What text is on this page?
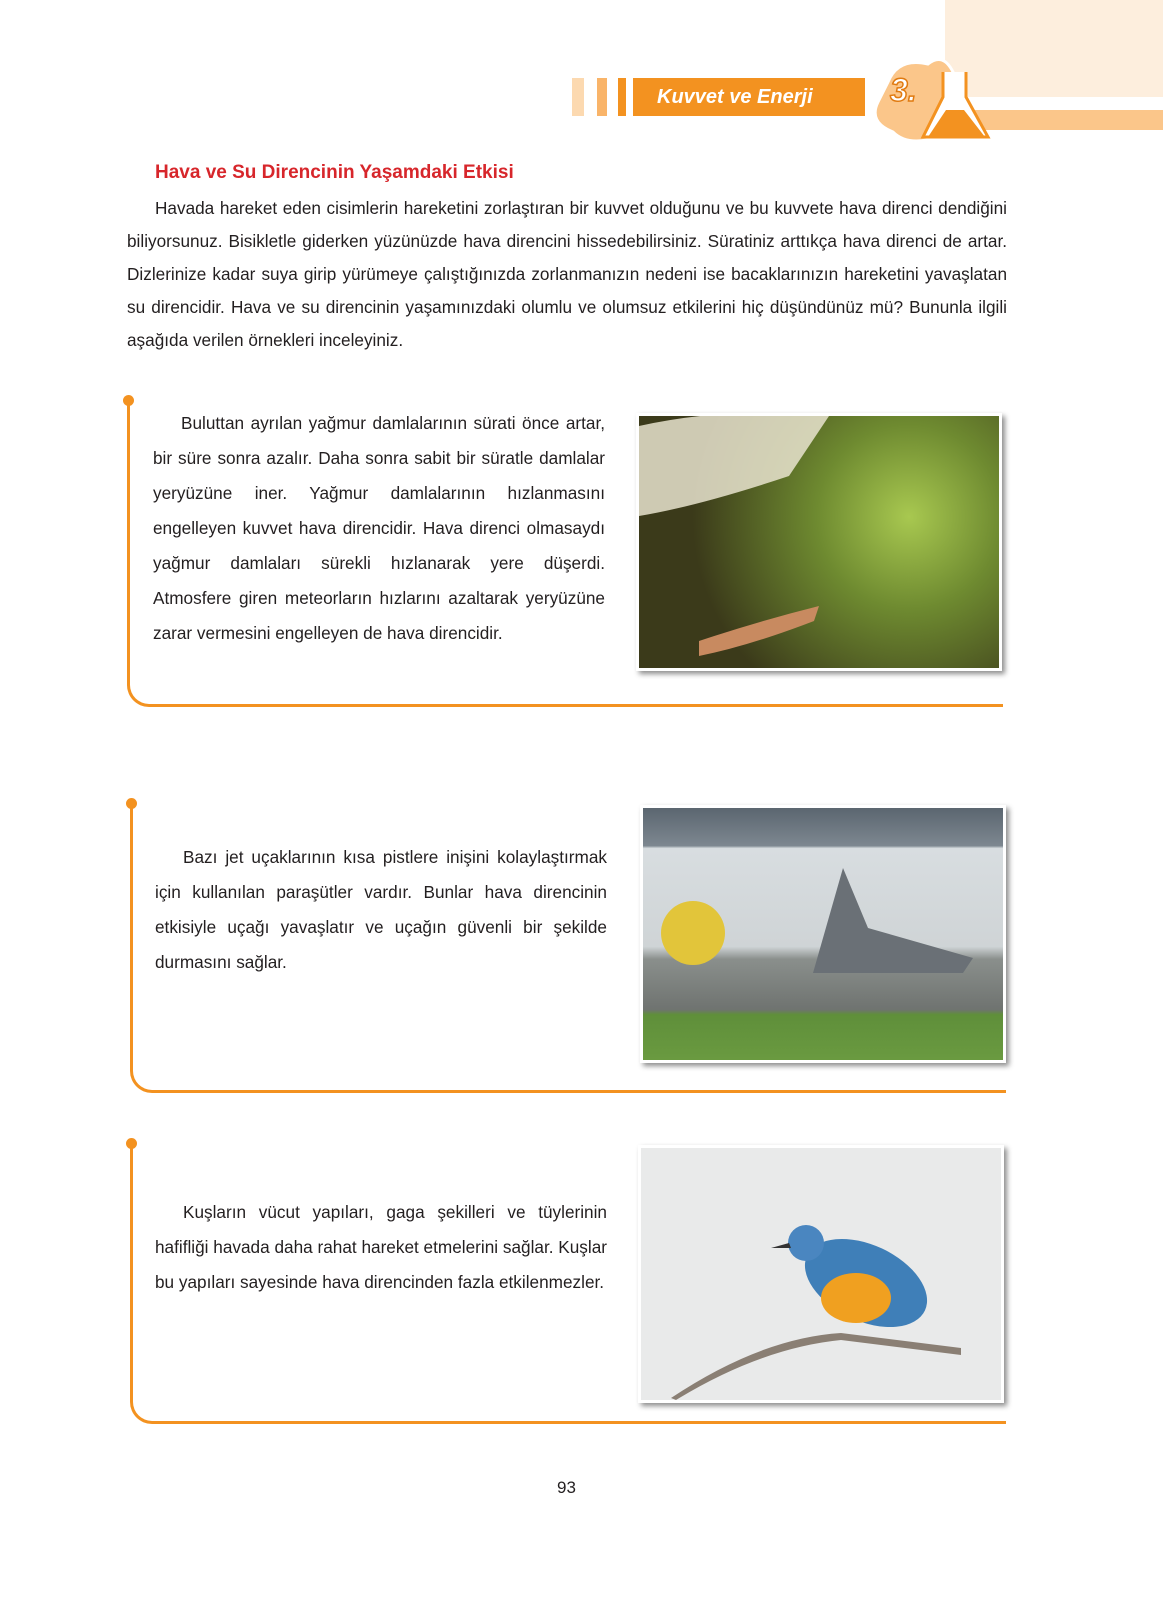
Kuvvet ve Enerji	3.
Hava ve Su Direncinin Yaşamdaki Etkisi

Havada hareket eden cisimlerin hareketini zorlaştıran bir kuvvet olduğunu ve bu kuvvete hava direnci dendiğini biliyorsunuz. Bisikletle giderken yüzünüzde hava direncini hissedebilirsiniz. Süratiniz arttıkça hava direnci de artar. Dizlerinize kadar suya girip yürümeye çalıştığınızda zorlanmanızın nedeni ise bacaklarınızın hareketini yavaşlatan su direncidir. Hava ve su direncinin yaşamınızdaki olumlu ve olumsuz etkilerini hiç düşündünüz mü? Bununla ilgili aşağıda verilen örnekleri inceleyiniz.

Buluttan ayrılan yağmur damlalarının sürati önce artar, bir süre sonra azalır. Daha sonra sabit bir süratle damlalar yeryüzüne iner. Yağmur damlalarının hızlanmasını engelleyen kuvvet hava direncidir. Hava direnci olmasaydı yağmur damlaları sürekli hızlanarak yere düşerdi. Atmosfere giren meteorların hızlarını azaltarak yeryüzüne zarar vermesini engelleyen de hava direncidir.

Bazı jet uçaklarının kısa pistlere inişini kolaylaştırmak için kullanılan paraşütler vardır. Bunlar hava direncinin etkisiyle uçağı yavaşlatır ve uçağın güvenli bir şekilde durmasını sağlar.

Kuşların vücut yapıları, gaga şekilleri ve tüylerinin hafifliği havada daha rahat hareket etmelerini sağlar. Kuşlar bu yapıları sayesinde hava direncinden fazla etkilenmezler.

93
